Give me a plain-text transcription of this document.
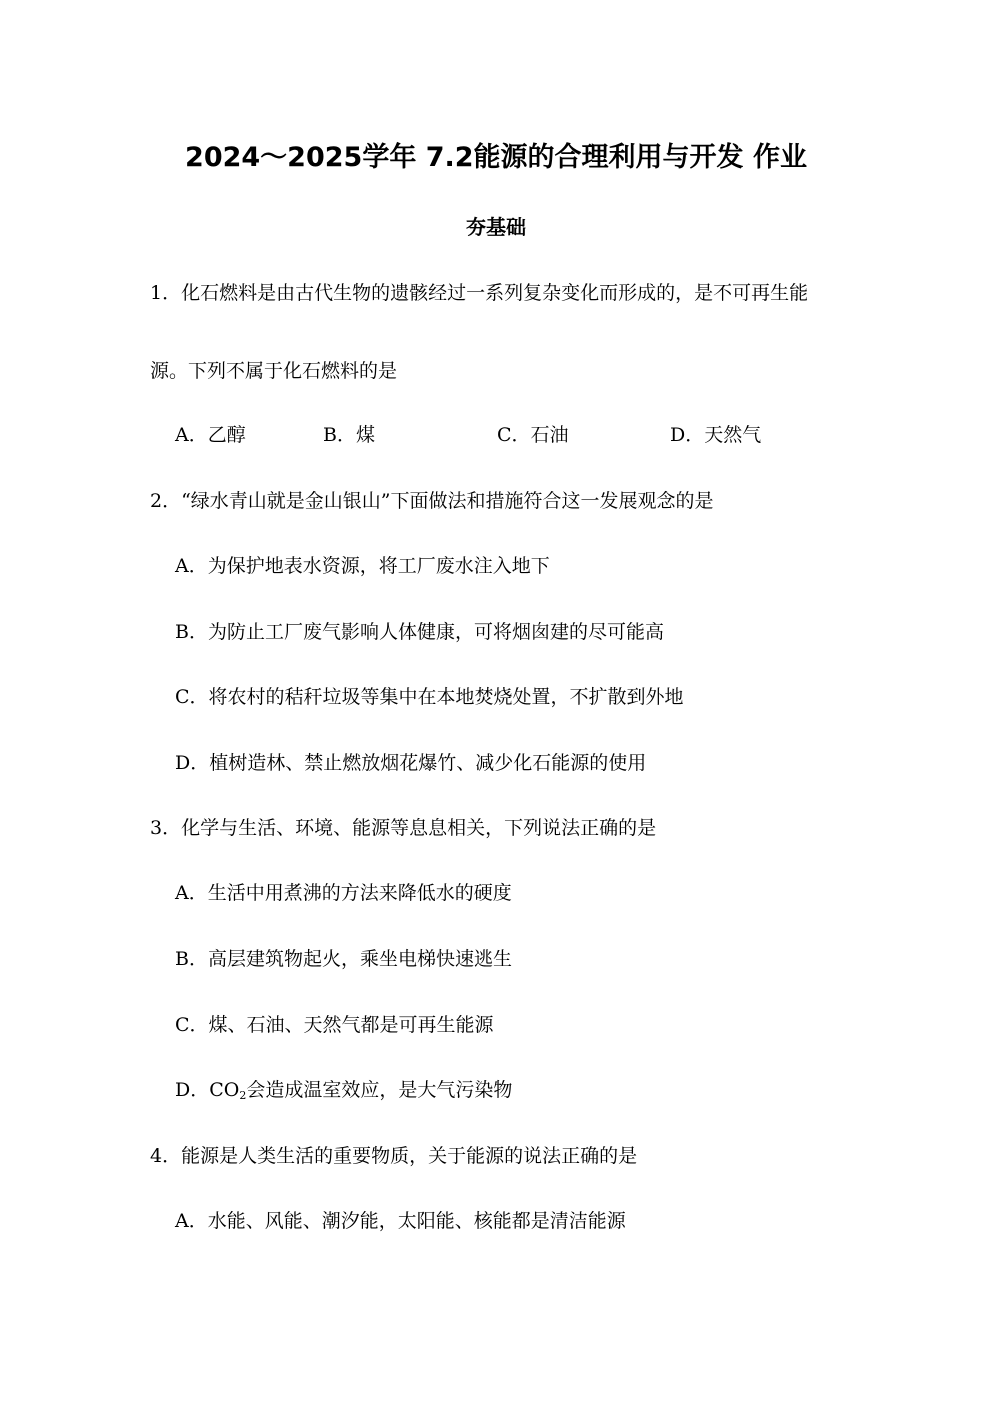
2024～2025学年 7.2能源的合理利用与开发 作业
夯基础
1．化石燃料是由古代生物的遗骸经过一系列复杂变化而形成的，是不可再生能
源。下列不属于化石燃料的是
A．乙醇	B．煤	C．石油	D．天然气
2．“绿水青山就是金山银山”下面做法和措施符合这一发展观念的是
A．为保护地表水资源，将工厂废水注入地下
B．为防止工厂废气影响人体健康，可将烟囱建的尽可能高
C．将农村的秸秆垃圾等集中在本地焚烧处置，不扩散到外地
D．植树造林、禁止燃放烟花爆竹、减少化石能源的使用
3．化学与生活、环境、能源等息息相关，下列说法正确的是
A．生活中用煮沸的方法来降低水的硬度
B．高层建筑物起火，乘坐电梯快速逃生
C．煤、石油、天然气都是可再生能源
D．$CO_2$会造成温室效应，是大气污染物
4．能源是人类生活的重要物质，关于能源的说法正确的是
A．水能、风能、潮汐能，太阳能、核能都是清洁能源
